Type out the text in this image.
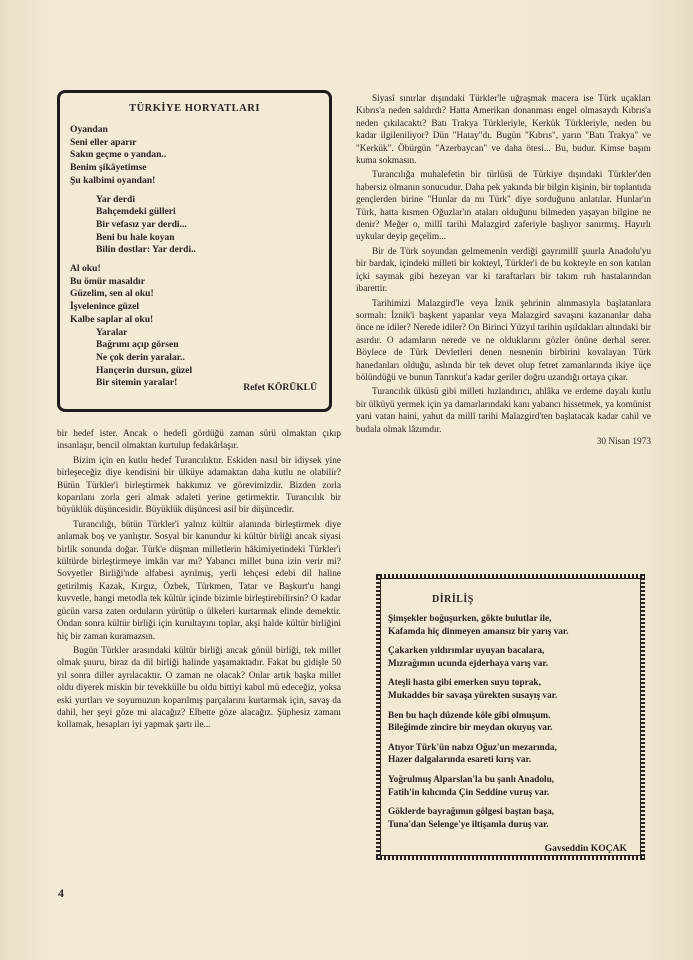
TÜRKİYE HORYATLARI
Oyandan
Seni eller aparır
Sakın geçme o yandan..
Benim şikâyetimse
Şu kalbimi oyandan!
Yar derdi
Bahçemdeki gülleri
Bir vefasız yar derdi...
Beni bu hale koyan
Bilin dostlar: Yar derdi..
Al oku!
Bu ömür masaldır
Güzelim, sen al oku!
İşvelenince güzel
Kalbe saplar al oku!
Yaralar
Bağrımı açıp görsen
Ne çok derin yaralar..
Hançerin dursun, güzel
Bir sitemin yaralar!	Refet KÖRÜKLÜ

bir hedef ister. Ancak o hedefi gördüğü zaman sürü olmaktan çıkıp insanlaşır, bencil olmaktan kurtulup fedakârlaşır.

Bizim için en kutlu hedef Turancılıktır. Eskiden nasıl bir idiysek yine birleşeceğiz diye kendisini bir ülküye adamaktan daha kutlu ne olabilir? Bütün Türkler'i birleştirmek hakkımız ve görevimizdir. Bizden zorla koparılanı zorla geri almak adaleti yerine getirmektir. Turancılık bir büyüklük düşüncesidir. Büyüklük düşüncesi asil bir düşüncedir.

Turancılığı, bütün Türkler'i yalnız kültür alanında birleştirmek diye anlamak boş ve yanlıştır. Sosyal bir kanundur ki kültür birliği ancak siyasi birlik sonunda doğar. Türk'e düşman milletlerin hâkimiyetindeki Türkler'i kültürde birleştirmeye imkân var mı? Yabancı millet buna izin verir mi? Sovyetler Birliği'nde alfabesi ayrılmış, yerli lehçesi edebi dil haline getirilmiş Kazak, Kırgız, Özbek, Türkmen, Tatar ve Başkurt'u hangi kuvvetle, hangi metodla tek kültür içinde bizimle birleştirebilirsin? O kadar gücün varsa zaten orduların yürütüp o ülkeleri kurtarmak elinde demektir. Ondan sonra kültür birliği için kurultayını toplar, akşi halde kültür birliğini hiç bir zaman kuramazsın.

Bugün Türkler arasındaki kültür birliği ancak gönül birliği, tek millet olmak şuuru, biraz da dil birliği halinde yaşamaktadır. Fakat bu gidişle 50 yıl sonra diller ayrılacaktır. O zaman ne olacak? Onlar artık başka millet oldu diyerek miskin bir tevekkülle bu oldu bittiyi kabul mü edeceğiz, yoksa eski yurtları ve soyumuzun koparılmış parçalarını kurtarmak için, savaş da dahil, her şeyi göze mi alacağız? Elbette göze alacağız. Şüphesiz zamanı kollamak, hesapları iyi yapmak şartı ile...

Siyasî sınırlar dışındaki Türkler'le uğraşmak macera ise Türk uçakları Kıbrıs'a neden saldırdı? Hatta Amerikan donanması engel olmasaydı Kıbrıs'a neden çıkılacaktı? Batı Trakya Türkleriyle, Kerkük Türkleriyle, neden bu kadar ilgileniliyor? Dün "Hatay"dı. Bugün "Kıbrıs", yarın "Batı Trakya" ve "Kerkük". Öbürgün "Azerbaycan" ve daha ötesi... Bu, budur. Kimse başını kuma sokmasın.

Turancılığa muhalefetin bir türlüsü de Türkiye dışındaki Türkler'den habersiz olmanın sonucudur. Daha pek yakında bir bilgin kişinin, bir toplantıda gençlerden birine "Hunlar da mı Türk" diye sorduğunu anlatılar. Hunlar'ın Türk, hatta kısmen Oğuzlar'ın ataları olduğunu bilmeden yaşayan bilgine ne denir? Meğer o, millî tarihi Malazgird zaferiyle başlıyor sanırmış. Hayırlı uykular deyip geçelim...

Bir de Türk soyundan gelmemenin verdiği gayrımillî şuurla Anadolu'yu bir bardak, içindeki milleti bir kokteyl, Türkler'i de bu kokteyle en son katılan içki saymak gibi hezeyan var ki taraftarları bir takım ruh hastalarından ibarettir.

Tarihimizi Malazgird'le veya İznik şehrinin alınmasıyla başlatanlara sormalı: İznik'i başkent yapanlar veya Malazgird savaşını kazananlar daha önce ne idiler? Nerede idiler? On Birinci Yüzyıl tarihin uşıldakları altındaki bir asırdır. O adamların nerede ve ne olduklarını gözler önüne derhal serer. Böylece de Türk Devletleri denen nesnenin birbirini kovalayan Türk hanedanları olduğu, aslında bir tek devet olup fetret zamanlarında ikiye üçe bölündüğü ve bunun Tanrıkut'a kadar geriler doğru uzandığı ortaya çıkar.

Turancılık ülküsü gibi milleti hızlandırıcı, ahlâka ve erdeme dayalı kutlu bir ülküyü yermek için ya damarlarındaki kanı yabancı hissetmek, ya komünist yani vatan haini, yahut da millî tarihi Malazgird'ten başlatacak kadar cahil ve budala olmak lâzımdır.

30 Nisan 1973
DİRİLİŞ
Şimşekler boğuşurken, gökte bulutlar ile,
Kafamda hiç dinmeyen amansız bir yarış var.
Çakarken yıldırımlar uyuyan bacalara,
Mızrağımın ucunda ejderhaya varış var.
Ateşli hasta gibi emerken suyu toprak,
Mukaddes bir savaşa yürekten susayış var.
Ben bu haçlı düzende köle gibi olmuşum.
Bileğimde zincire bir meydan okuyuş var.
Atıyor Türk'ün nabzı Oğuz'un mezarında,
Hazer dalgalarında esareti kırış var.
Yoğrulmuş Alparslan'la bu şanlı Anadolu,
Fatih'in kılıcında Çin Seddine vuruş var.
Göklerde bayrağımın gölgesi baştan başa,
Tuna'dan Selenge'ye iltişamla duruş var.
Gavseddin KOÇAK
4
